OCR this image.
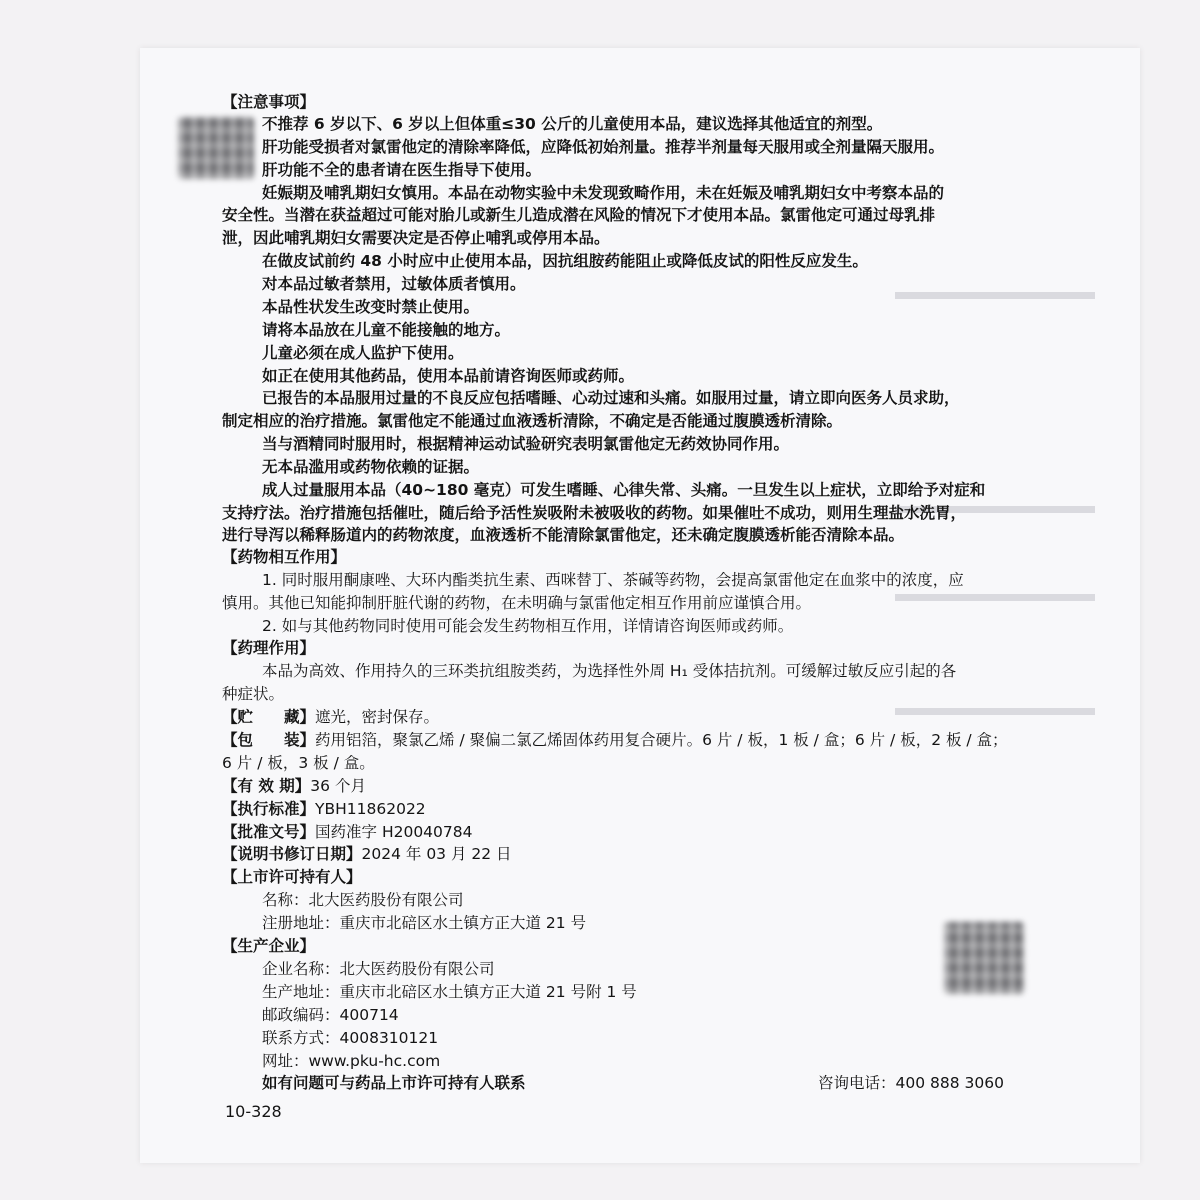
【注意事项】
不推荐 6 岁以下、6 岁以上但体重≤30 公斤的儿童使用本品，建议选择其他适宜的剂型。
肝功能受损者对氯雷他定的清除率降低，应降低初始剂量。推荐半剂量每天服用或全剂量隔天服用。
肝功能不全的患者请在医生指导下使用。
妊娠期及哺乳期妇女慎用。本品在动物实验中未发现致畸作用，未在妊娠及哺乳期妇女中考察本品的
安全性。当潜在获益超过可能对胎儿或新生儿造成潜在风险的情况下才使用本品。氯雷他定可通过母乳排
泄，因此哺乳期妇女需要决定是否停止哺乳或停用本品。
在做皮试前约 48 小时应中止使用本品，因抗组胺药能阻止或降低皮试的阳性反应发生。
对本品过敏者禁用，过敏体质者慎用。
本品性状发生改变时禁止使用。
请将本品放在儿童不能接触的地方。
儿童必须在成人监护下使用。
如正在使用其他药品，使用本品前请咨询医师或药师。
已报告的本品服用过量的不良反应包括嗜睡、心动过速和头痛。如服用过量，请立即向医务人员求助，
制定相应的治疗措施。氯雷他定不能通过血液透析清除，不确定是否能通过腹膜透析清除。
当与酒精同时服用时，根据精神运动试验研究表明氯雷他定无药效协同作用。
无本品滥用或药物依赖的证据。
成人过量服用本品（40~180 毫克）可发生嗜睡、心律失常、头痛。一旦发生以上症状，立即给予对症和
支持疗法。治疗措施包括催吐，随后给予活性炭吸附未被吸收的药物。如果催吐不成功，则用生理盐水洗胃，
进行导泻以稀释肠道内的药物浓度，血液透析不能清除氯雷他定，还未确定腹膜透析能否清除本品。
【药物相互作用】
1. 同时服用酮康唑、大环内酯类抗生素、西咪替丁、茶碱等药物，会提高氯雷他定在血浆中的浓度，应
慎用。其他已知能抑制肝脏代谢的药物，在未明确与氯雷他定相互作用前应谨慎合用。
2. 如与其他药物同时使用可能会发生药物相互作用，详情请咨询医师或药师。
【药理作用】
本品为高效、作用持久的三环类抗组胺类药，为选择性外周 H₁ 受体拮抗剂。可缓解过敏反应引起的各
种症状。
【贮　　藏】遮光，密封保存。
【包　　装】药用铝箔，聚氯乙烯 / 聚偏二氯乙烯固体药用复合硬片。6 片 / 板，1 板 / 盒；6 片 / 板，2 板 / 盒；
6 片 / 板，3 板 / 盒。
【有 效 期】36 个月
【执行标准】YBH11862022
【批准文号】国药准字 H20040784
【说明书修订日期】2024 年 03 月 22 日
【上市许可持有人】
名称：北大医药股份有限公司
注册地址：重庆市北碚区水土镇方正大道 21 号
【生产企业】
企业名称：北大医药股份有限公司
生产地址：重庆市北碚区水土镇方正大道 21 号附 1 号
邮政编码：400714
联系方式：4008310121
网址：www.pku-hc.com
如有问题可与药品上市许可持有人联系	咨询电话：400 888 3060
10-328
